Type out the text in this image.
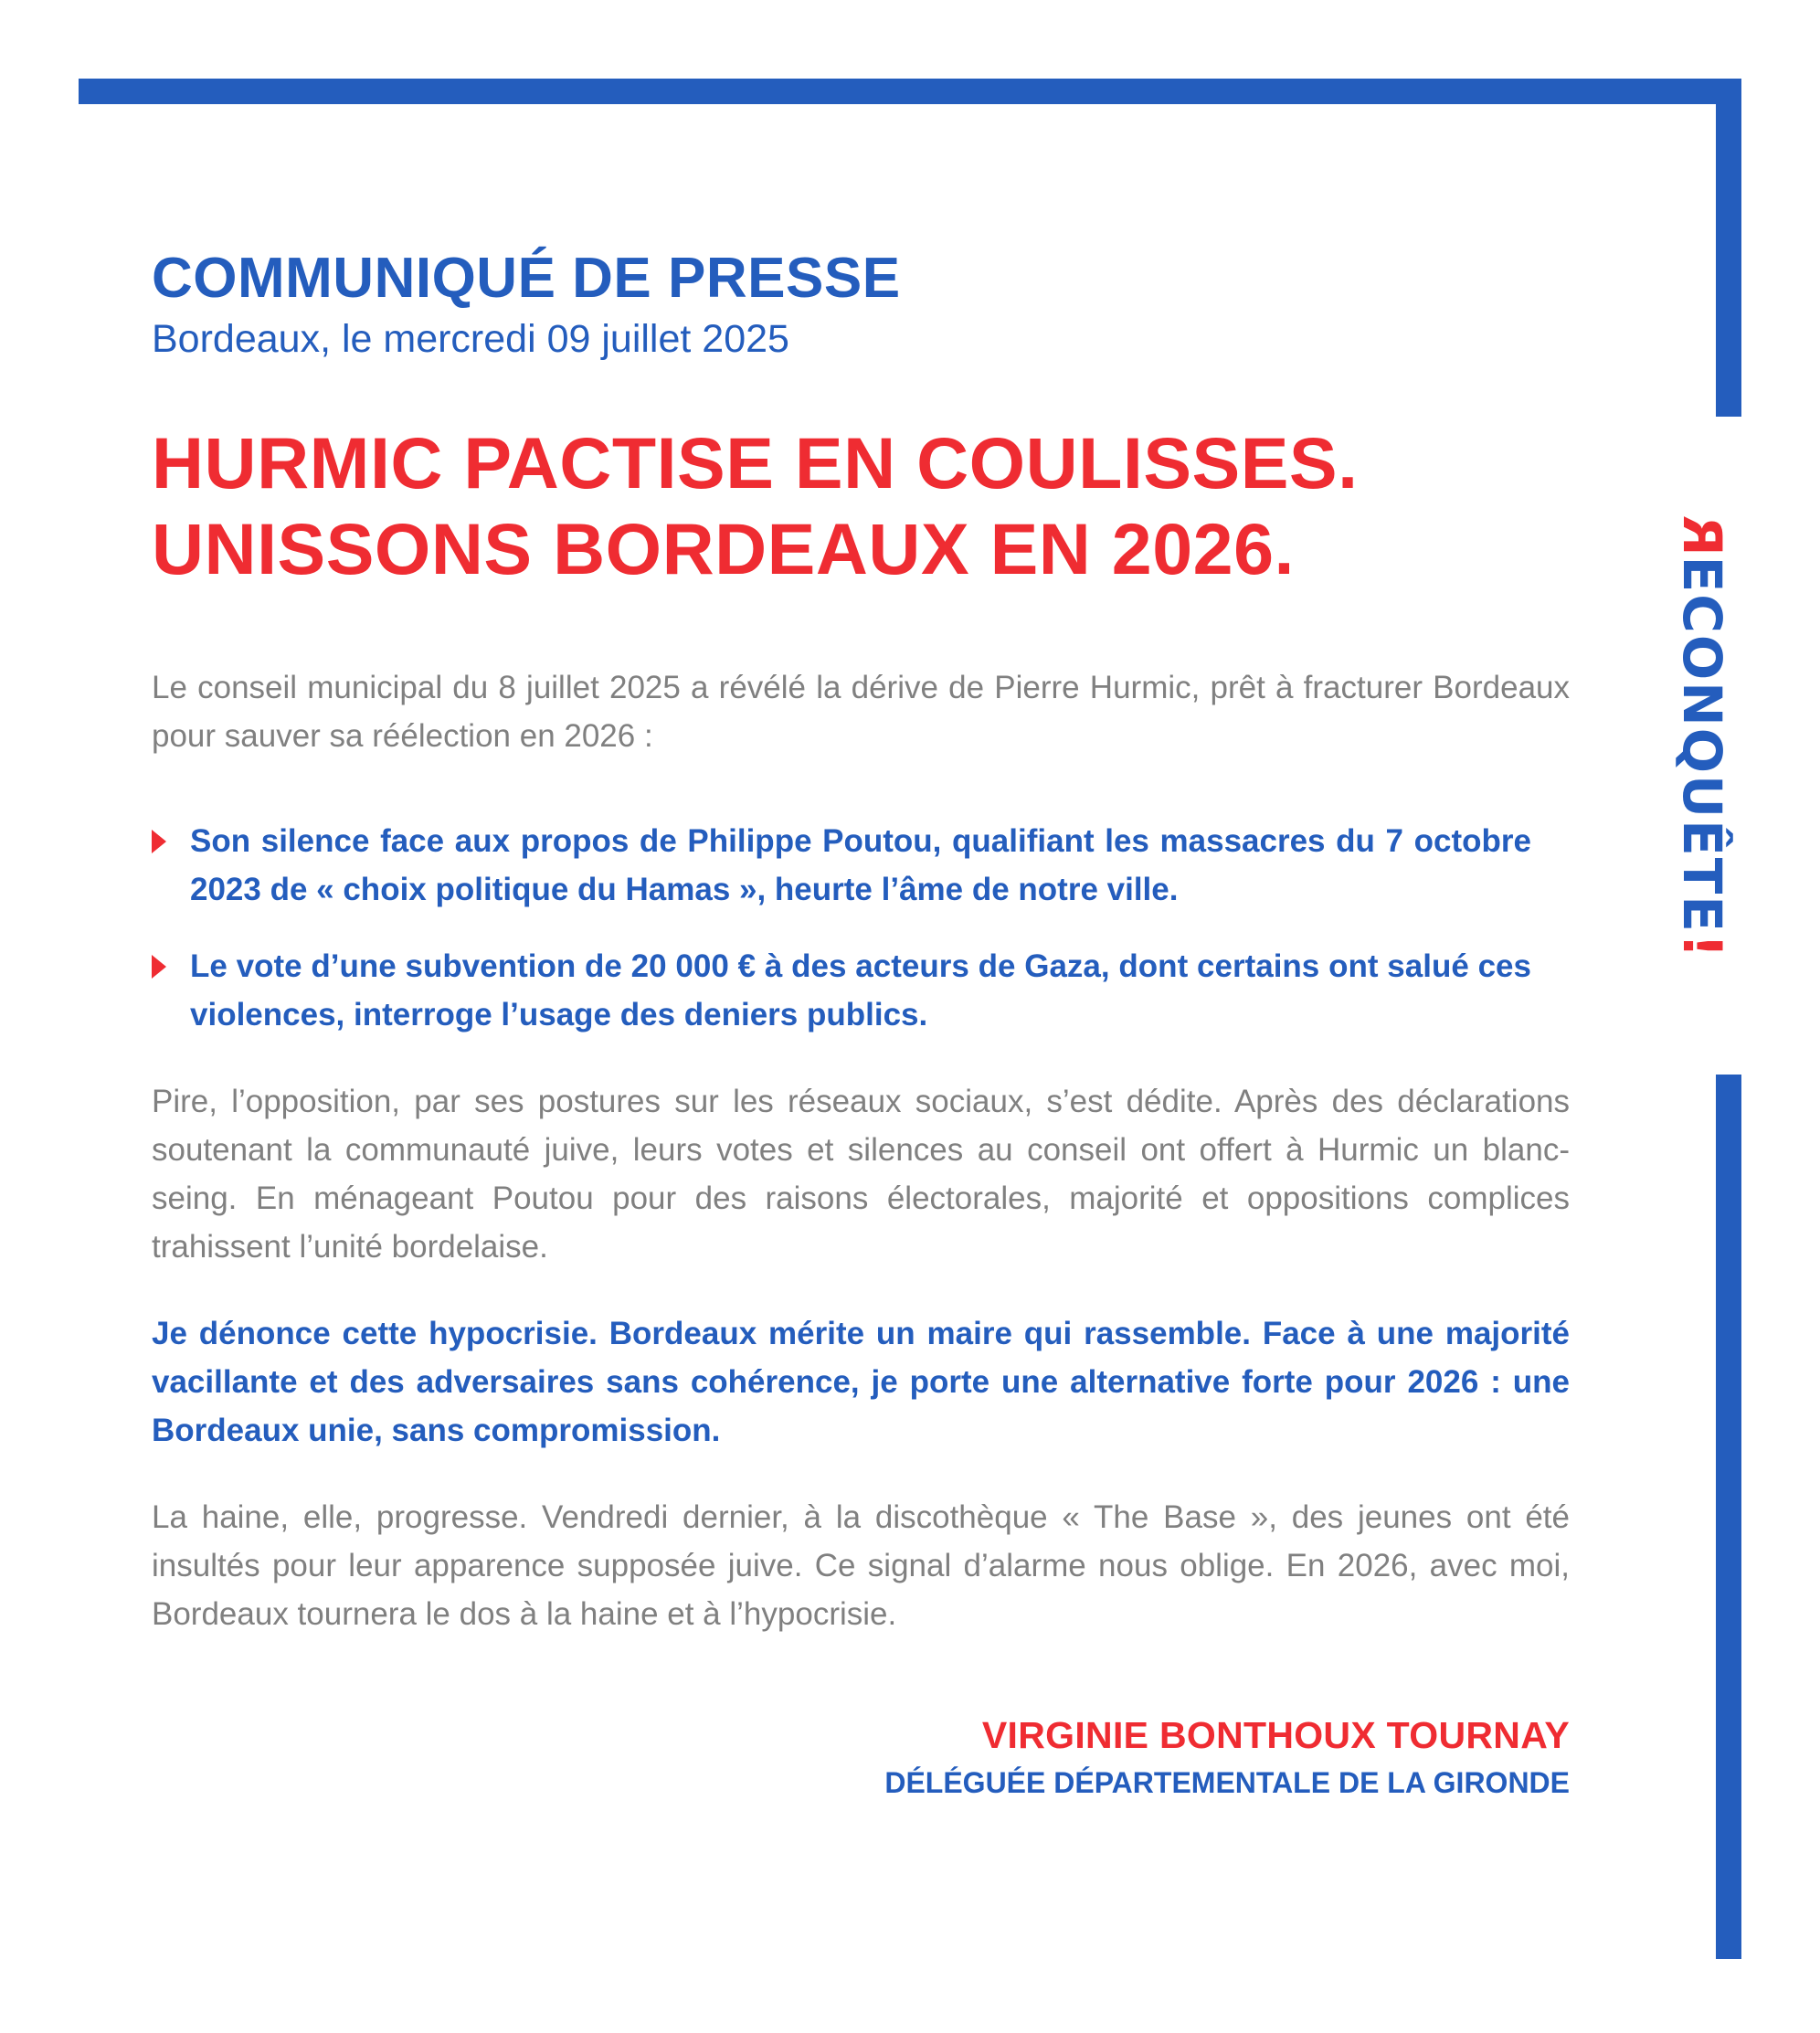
RECONQUÊTE!
COMMUNIQUÉ DE PRESSE

Bordeaux, le mercredi 09 juillet 2025

HURMIC PACTISE EN COULISSES.
UNISSONS BORDEAUX EN 2026.

Le conseil municipal du 8 juillet 2025 a révélé la dérive de Pierre Hurmic, prêt à fracturer Bordeaux pour sauver sa réélection en 2026 :

Son silence face aux propos de Philippe Poutou, qualifiant les massacres du 7 octobre 2023 de « choix politique du Hamas », heurte l’âme de notre ville.
Le vote d’une subvention de 20 000 € à des acteurs de Gaza, dont certains ont salué ces violences, interroge l’usage des deniers publics.

Pire, l’opposition, par ses postures sur les réseaux sociaux, s’est dédite. Après des déclarations soutenant la communauté juive, leurs votes et silences au conseil ont offert à Hurmic un blanc-seing. En ménageant Poutou pour des raisons électorales, majorité et oppositions complices trahissent l’unité bordelaise.

Je dénonce cette hypocrisie. Bordeaux mérite un maire qui rassemble. Face à une majorité vacillante et des adversaires sans cohérence, je porte une alternative forte pour 2026 : une Bordeaux unie, sans compromission.

La haine, elle, progresse. Vendredi dernier, à la discothèque « The Base », des jeunes ont été insultés pour leur apparence supposée juive. Ce signal d’alarme nous oblige. En 2026, avec moi, Bordeaux tournera le dos à la haine et à l’hypocrisie.

VIRGINIE BONTHOUX TOURNAY

DÉLÉGUÉE DÉPARTEMENTALE DE LA GIRONDE
